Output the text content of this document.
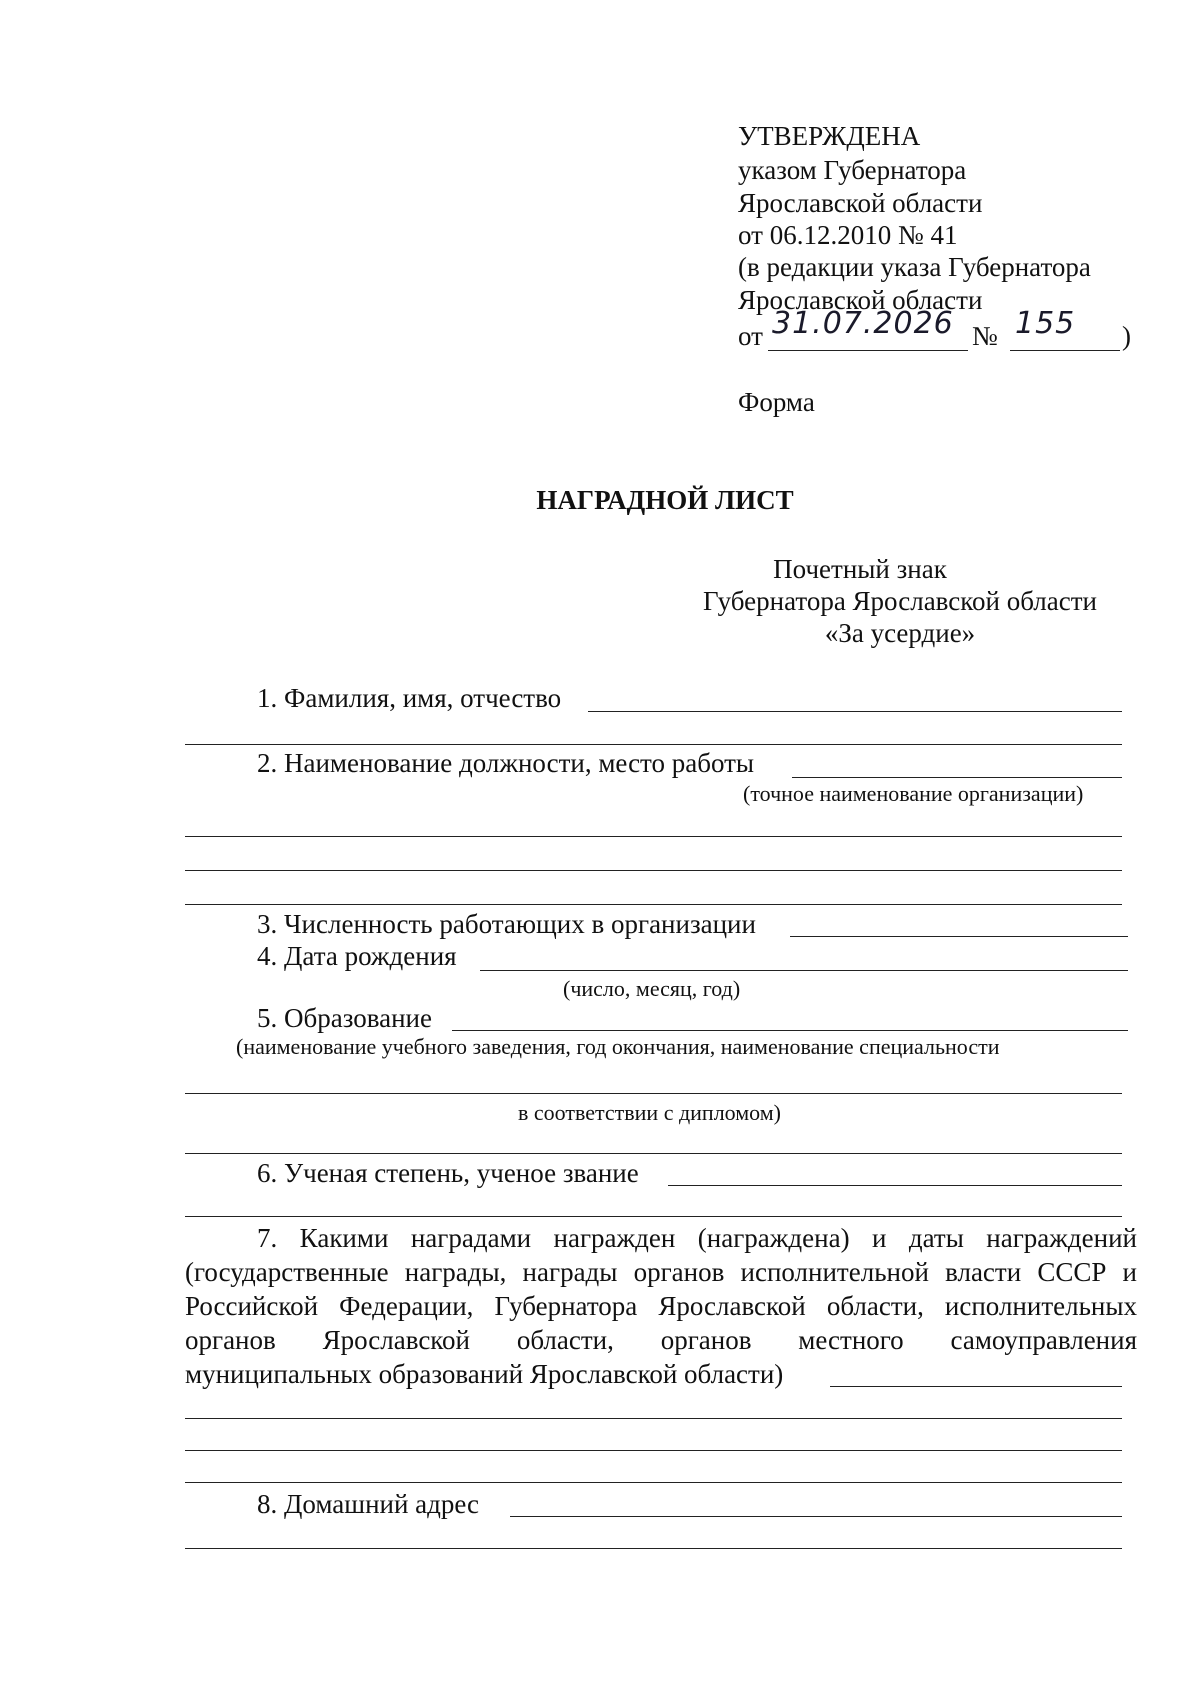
УТВЕРЖДЕНА
указом Губернатора
Ярославской области
от 06.12.2010 № 41
(в редакции указа Губернатора
Ярославской области
от 31.07.2026 № 155 )
Форма
НАГРАДНОЙ ЛИСТ
Почетный знак
Губернатора Ярославской области
«За усердие»
1. Фамилия, имя, отчество
2. Наименование должности, место работы
(точное наименование организации)
3. Численность работающих в организации
4. Дата рождения
(число, месяц, год)
5. Образование
(наименование учебного заведения, год окончания, наименование специальности
в соответствии с дипломом)
6. Ученая степень, ученое звание
7. Какими наградами награжден (награждена) и даты награждений
(государственные награды, награды органов исполнительной власти СССР и
Российской Федерации, Губернатора Ярославской области, исполнительных
органов Ярославской области, органов местного самоуправления
муниципальных образований Ярославской области)
8. Домашний адрес
